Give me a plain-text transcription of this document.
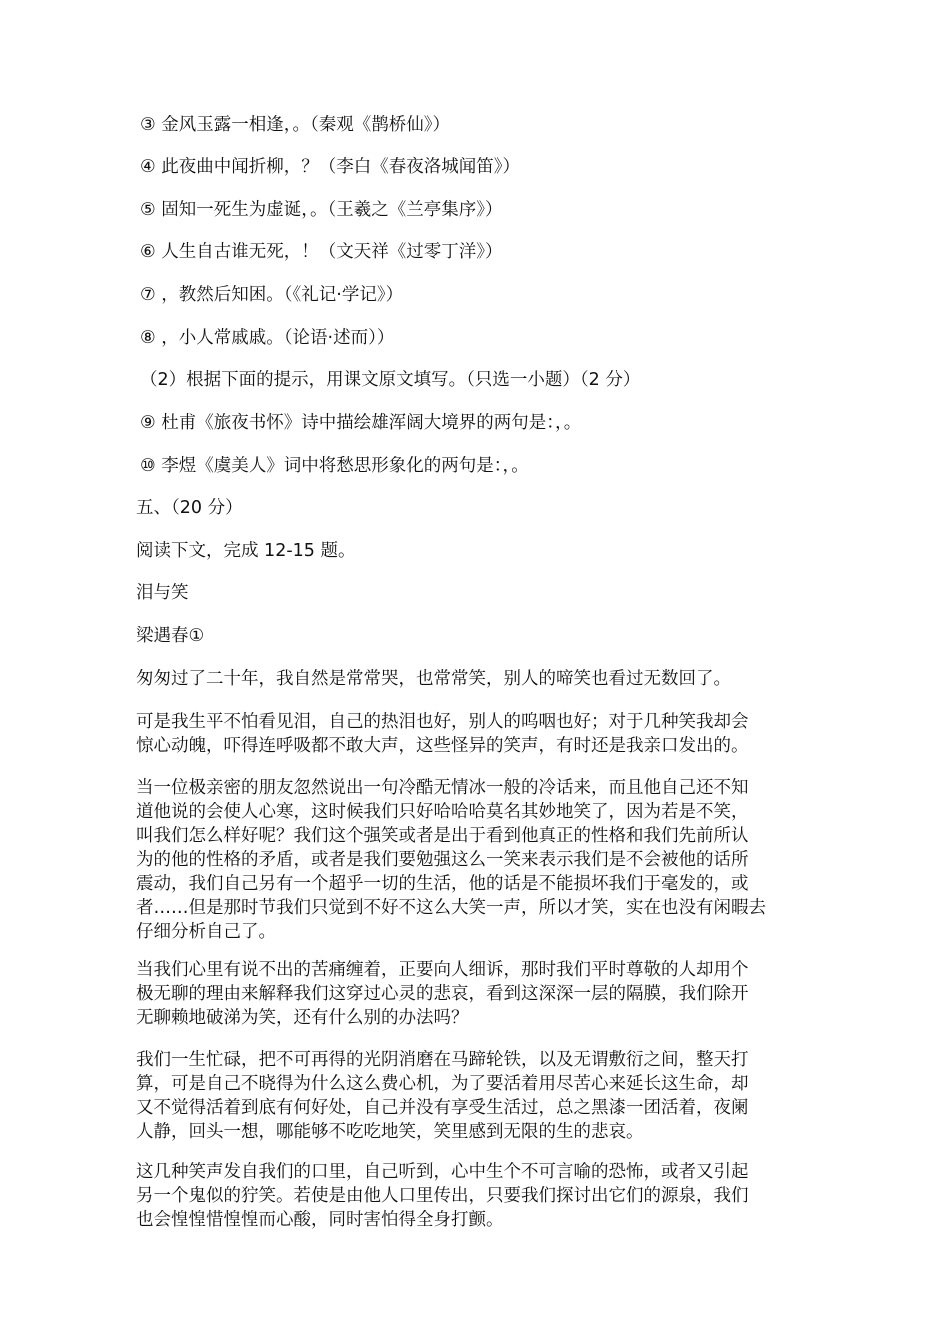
③ 金风玉露一相逢，。（秦观《鹊桥仙》）
④ 此夜曲中闻折柳，？（李白《春夜洛城闻笛》）
⑤ 固知一死生为虚诞，。（王羲之《兰亭集序》）
⑥ 人生自古谁无死，！（文天祥《过零丁洋》）
⑦ ，教然后知困。（《礼记·学记》）
⑧ ，小人常戚戚。（论语·述而））
（2）根据下面的提示，用课文原文填写。（只选一小题）（2 分）
⑨ 杜甫《旅夜书怀》诗中描绘雄浑阔大境界的两句是：，。
⑩ 李煜《虞美人》词中将愁思形象化的两句是：，。
五、（20 分）
阅读下文，完成 12-15 题。
泪与笑
梁遇春①
匆匆过了二十年，我自然是常常哭，也常常笑，别人的啼笑也看过无数回了。
可是我生平不怕看见泪，自己的热泪也好，别人的呜咽也好；对于几种笑我却会
惊心动魄，吓得连呼吸都不敢大声，这些怪异的笑声，有时还是我亲口发出的。
当一位极亲密的朋友忽然说出一句冷酷无情冰一般的冷话来，而且他自己还不知
道他说的会使人心寒，这时候我们只好哈哈哈莫名其妙地笑了，因为若是不笑，
叫我们怎么样好呢？我们这个强笑或者是出于看到他真正的性格和我们先前所认
为的他的性格的矛盾，或者是我们要勉强这么一笑来表示我们是不会被他的话所
震动，我们自己另有一个超乎一切的生活，他的话是不能损坏我们于毫发的，或
者……但是那时节我们只觉到不好不这么大笑一声，所以才笑，实在也没有闲暇去
仔细分析自己了。
当我们心里有说不出的苦痛缠着，正要向人细诉，那时我们平时尊敬的人却用个
极无聊的理由来解释我们这穿过心灵的悲哀，看到这深深一层的隔膜，我们除开
无聊赖地破涕为笑，还有什么别的办法吗？
我们一生忙碌，把不可再得的光阴消磨在马蹄轮铁，以及无谓敷衍之间，整天打
算，可是自己不晓得为什么这么费心机，为了要活着用尽苦心来延长这生命，却
又不觉得活着到底有何好处，自己并没有享受生活过，总之黑漆一团活着，夜阑
人静，回头一想，哪能够不吃吃地笑，笑里感到无限的生的悲哀。
这几种笑声发自我们的口里，自己听到，心中生个不可言喻的恐怖，或者又引起
另一个鬼似的狞笑。若使是由他人口里传出，只要我们探讨出它们的源泉，我们
也会惶惶惜惶惶而心酸，同时害怕得全身打颤。
